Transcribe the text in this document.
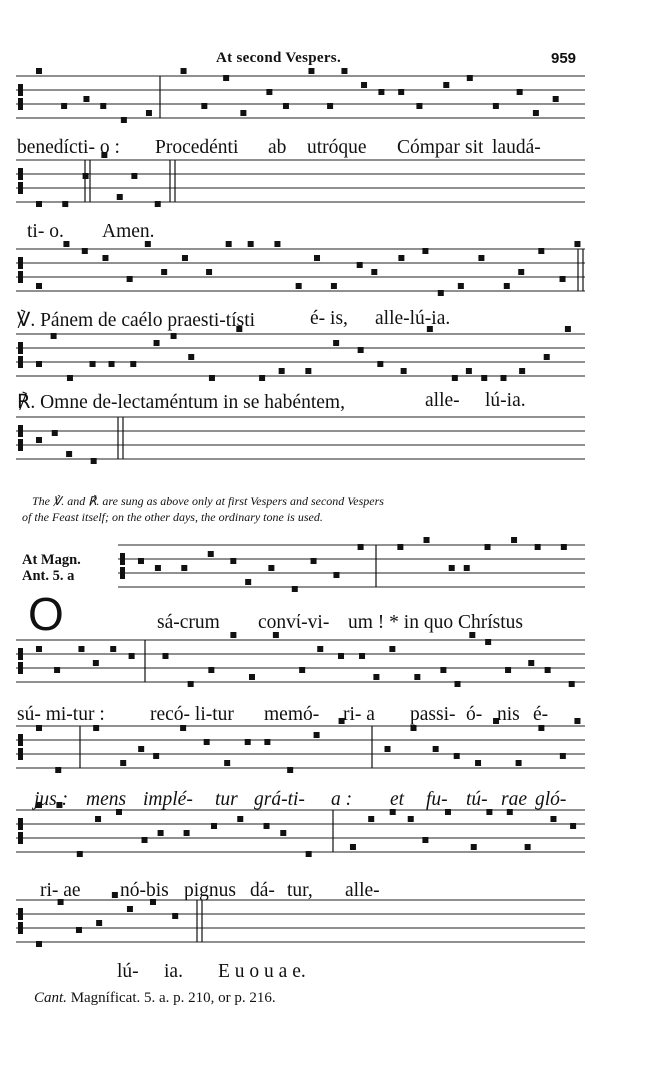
At second Vespers.	959
benedícti- o : Procedénti ab utróque Cómpar sit laudá-
ti- o. Amen.
℣. Pánem de caélo praesti-tísti	é- is, alle-lú-ia.
℟. Omne de-lectaméntum in se habéntem,	alle- lú-ia.
The ℣. and ℟. are sung as above only at first Vespers and second Vespers
of the Feast itself; on the other days, the ordinary tone is used.
At Magn.
Ant. 5. a
O	sá-crum convί-vi- um ! * in quo Chrístus
sú- mi-tur : recó- li-tur memó- ri- a passi- ó- nis é-
jus : mens implé- tur grá-ti- a : et fu- tú- rae gló-
ri- ae nó-bis pignus dá- tur, alle-
lú- ia. E u o u a e.
Cant. Magníficat. 5. a. p. 210, or p. 216.
